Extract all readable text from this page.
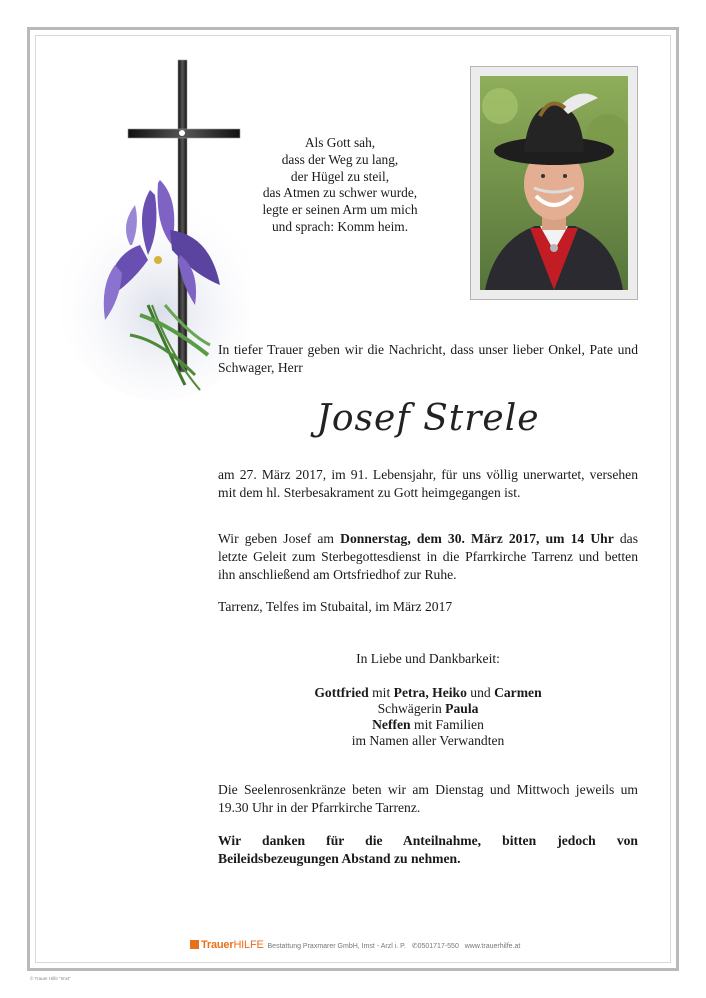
Als Gott sah,
dass der Weg zu lang,
der Hügel zu steil,
das Atmen zu schwer wurde,
legte er seinen Arm um mich
und sprach: Komm heim.
In tiefer Trauer geben wir die Nachricht, dass unser lieber Onkel, Pate und Schwager, Herr
Josef Strele
am 27. März 2017, im 91. Lebensjahr, für uns völlig unerwartet, versehen mit dem hl. Sterbesakrament zu Gott heimgegangen ist.
Wir geben Josef am Donnerstag, dem 30. März 2017, um 14 Uhr das letzte Geleit zum Sterbegottesdienst in die Pfarrkirche Tarrenz und betten ihn anschließend am Ortsfriedhof zur Ruhe.
Tarrenz, Telfes im Stubaital, im März 2017
In Liebe und Dankbarkeit:
Gottfried mit Petra, Heiko und Carmen
Schwägerin Paula
Neffen mit Familien
im Namen aller Verwandten
Die Seelenrosenkränze beten wir am Dienstag und Mittwoch jeweils um 19.30 Uhr in der Pfarrkirche Tarrenz.
Wir danken für die Anteilnahme, bitten jedoch von Beileidsbezeugungen Abstand zu nehmen.
TrauerHILFE Bestattung Praxmarer GmbH, Imst - Arzl i. P. ✆0501717-550 www.trauerhilfe.at
© Trauer Hilfe "Imst"
